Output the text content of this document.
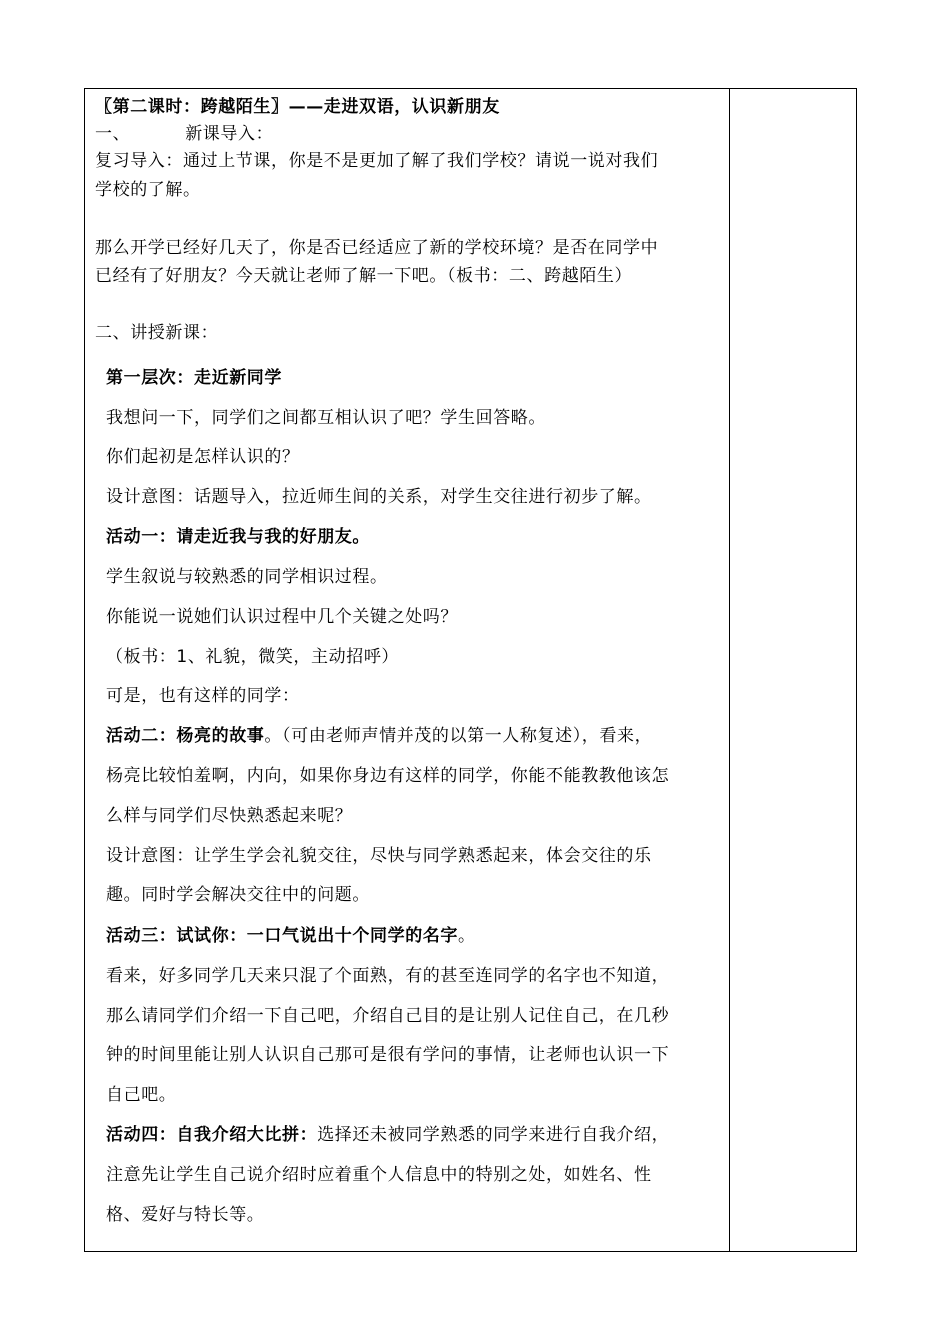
〖第二课时：跨越陌生〗——走进双语，认识新朋友
一、	新课导入：
复习导入：通过上节课，你是不是更加了解了我们学校？请说一说对我们
学校的了解。
那么开学已经好几天了，你是否已经适应了新的学校环境？是否在同学中
已经有了好朋友？今天就让老师了解一下吧。（板书：二、跨越陌生）
二、讲授新课：
第一层次：走近新同学
我想问一下，同学们之间都互相认识了吧？学生回答略。
你们起初是怎样认识的？
设计意图：话题导入，拉近师生间的关系，对学生交往进行初步了解。
活动一：请走近我与我的好朋友。
学生叙说与较熟悉的同学相识过程。
你能说一说她们认识过程中几个关键之处吗？
（板书：1、礼貌，微笑，主动招呼）
可是，也有这样的同学：
活动二：杨亮的故事。（可由老师声情并茂的以第一人称复述），看来，
杨亮比较怕羞啊，内向，如果你身边有这样的同学，你能不能教教他该怎
么样与同学们尽快熟悉起来呢？
设计意图：让学生学会礼貌交往，尽快与同学熟悉起来，体会交往的乐
趣。同时学会解决交往中的问题。
活动三：试试你：一口气说出十个同学的名字。
看来，好多同学几天来只混了个面熟，有的甚至连同学的名字也不知道，
那么请同学们介绍一下自己吧，介绍自己目的是让别人记住自己，在几秒
钟的时间里能让别人认识自己那可是很有学问的事情，让老师也认识一下
自己吧。
活动四：自我介绍大比拼：选择还未被同学熟悉的同学来进行自我介绍，
注意先让学生自己说介绍时应着重个人信息中的特别之处，如姓名、性
格、爱好与特长等。
